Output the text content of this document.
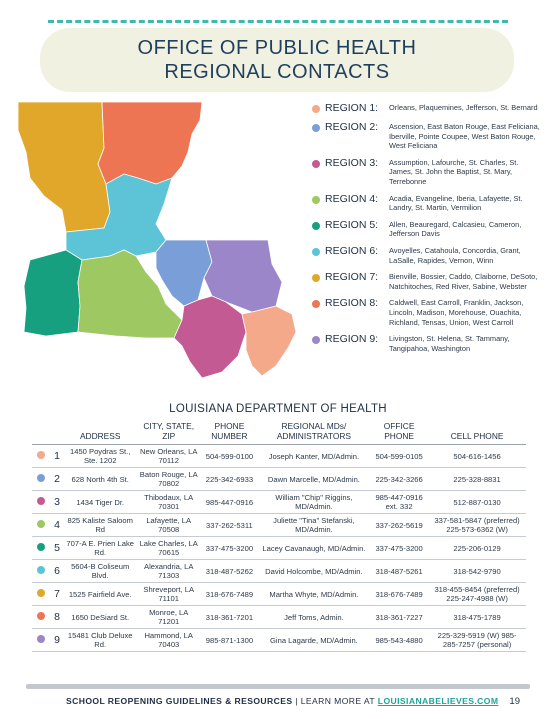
OFFICE OF PUBLIC HEALTH
REGIONAL CONTACTS
REGION 1:	Orleans, Plaquemines, Jefferson, St. Bernard
REGION 2:	Ascension, East Baton Rouge, East Feliciana, Iberville, Pointe Coupee, West Baton Rouge, West Feliciana
REGION 3:	Assumption, Lafourche, St. Charles, St. James, St. John the Baptist, St. Mary, Terrebonne
REGION 4:	Acadia, Evangeline, Iberia, Lafayette, St. Landry, St. Martin, Vermilion
REGION 5:	Allen, Beauregard, Calcasieu, Cameron, Jefferson Davis
REGION 6:	Avoyelles, Catahoula, Concordia, Grant, LaSalle, Rapides, Vernon, Winn
REGION 7:	Bienville, Bossier, Caddo, Claiborne, DeSoto, Natchitoches, Red River, Sabine, Webster
REGION 8:	Caldwell, East Carroll, Franklin, Jackson, Lincoln, Madison, Morehouse, Ouachita, Richland, Tensas, Union, West Carroll
REGION 9:	Livingston, St. Helena, St. Tammany, Tangipahoa, Washington
LOUISIANA DEPARTMENT OF HEALTH
		ADDRESS	CITY, STATE, ZIP	PHONE NUMBER	REGIONAL MDs/ ADMINISTRATORS	OFFICE PHONE	CELL PHONE
	1	1450 Poydras St., Ste. 1202	New Orleans, LA 70112	504-599-0100	Joseph Kanter, MD/Admin.	504-599-0105	504-616-1456
	2	628 North 4th St.	Baton Rouge, LA 70802	225-342-6933	Dawn Marcelle, MD/Admin.	225-342-3266	225-328-8831
	3	1434 Tiger Dr.	Thibodaux, LA 70301	985-447-0916	William "Chip" Riggins, MD/Admin.	985-447-0916 ext. 332	512-887-0130
	4	825 Kaliste Saloom Rd	Lafayette, LA 70508	337-262-5311	Juliette "Tina" Stefanski, MD/Admin.	337-262-5619	337-581-5847 (preferred) 225-573-6362 (W)
	5	707-A E. Prien Lake Rd.	Lake Charles, LA 70615	337-475-3200	Lacey Cavanaugh, MD/Admin.	337-475-3200	225-206-0129
	6	5604-B Coliseum Blvd.	Alexandria, LA 71303	318-487-5262	David Holcombe, MD/Admin.	318-487-5261	318-542-9790
	7	1525 Fairfield Ave.	Shreveport, LA 71101	318-676-7489	Martha Whyte, MD/Admin.	318-676-7489	318-455-8454 (preferred) 225-247-4988 (W)
	8	1650 DeSiard St.	Monroe, LA 71201	318-361-7201	Jeff Toms, Admin.	318-361-7227	318-475-1789
	9	15481 Club Deluxe Rd.	Hammond, LA 70403	985-871-1300	Gina Lagarde, MD/Admin.	985-543-4880	225-329-5919 (W) 985-285-7257 (personal)
SCHOOL REOPENING GUIDELINES & RESOURCES | LEARN MORE AT LOUISIANABELIEVES.COM 19
